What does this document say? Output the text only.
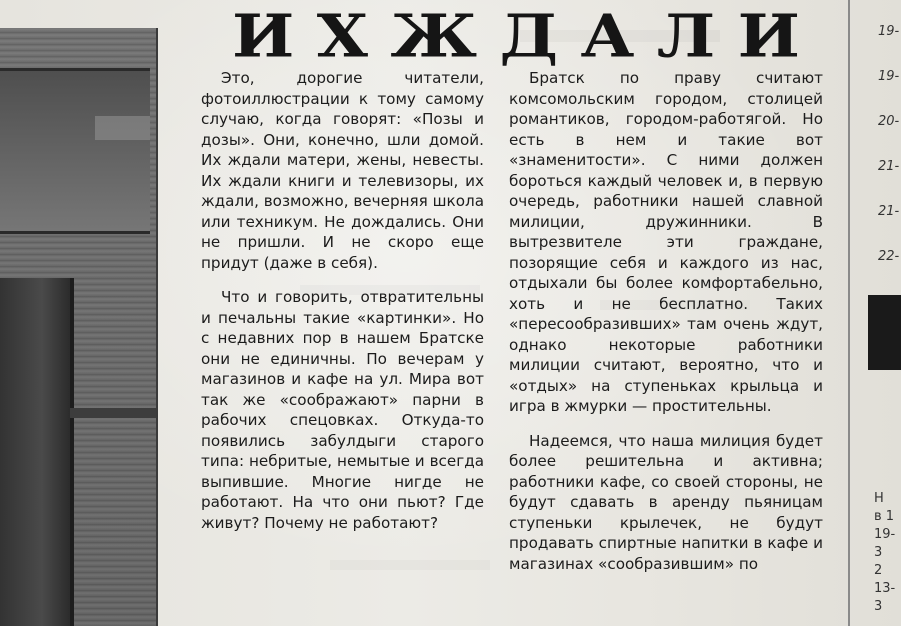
И Х Ж Д А Л И

Это, дорогие читатели, фотоиллюстрации к тому самому случаю, когда говорят: «Позы и дозы». Они, конечно, шли домой. Их ждали матери, жены, невесты. Их ждали книги и телевизоры, их ждали, возможно, вечерняя школа или техникум. Не дождались. Они не пришли. И не скоро еще придут (даже в себя).

Что и говорить, отвратительны и печальны такие «картинки». Но с недавних пор в нашем Братске они не единичны. По вечерам у магазинов и кафе на ул. Мира вот так же «соображают» парни в рабочих спецовках. Откуда-то появились забулдыги старого типа: небритые, немытые и всегда выпившие. Многие нигде не работают. На что они пьют? Где живут? Почему не работают?

Братск по праву считают комсомольским городом, столицей романтиков, городом-работягой. Но есть в нем и такие вот «знаменитости». С ними должен бороться каждый человек и, в первую очередь, работники нашей славной милиции, дружинники. В вытрезвителе эти граждане, позорящие себя и каждого из нас, отдыхали бы более комфортабельно, хоть и не бесплатно. Таких «пересообразивших» там очень ждут, однако некоторые работники милиции считают, вероятно, что и «отдых» на ступеньках крыльца и игра в жмурки — простительны.

Надеемся, что наша милиция будет более решительна и активна; работники кафе, со своей стороны, не будут сдавать в аренду пьяницам ступеньки крылечек, не будут продавать спиртные напитки в кафе и магазинах «сообразившим» по

19-
19-
20-
21-
21-
22-
Н
в 1
19-3
2
13-3
